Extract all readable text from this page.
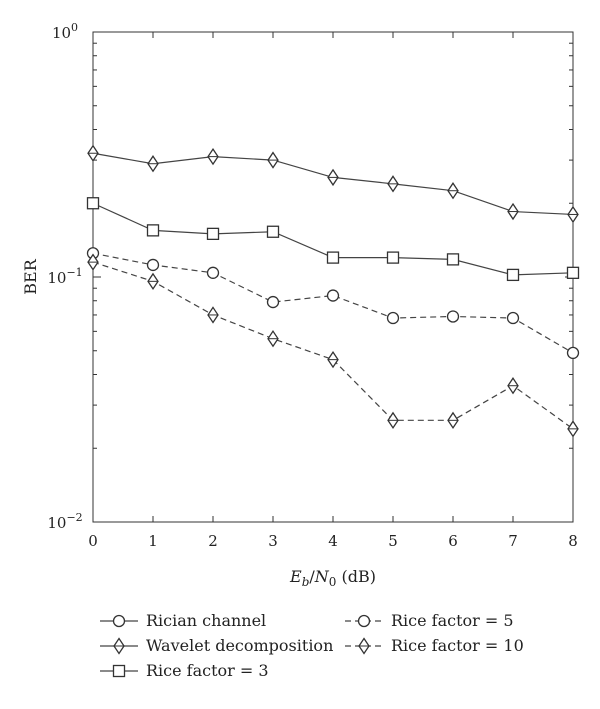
0	1	2	3	4	5	6	7	8
$10^0$
$10^{-1}$
$10^{-2}$
BER
$E_b/N_0$ (dB)
Rician channel
Wavelet decomposition
Rice factor = 3
Rice factor = 5
Rice factor = 10
